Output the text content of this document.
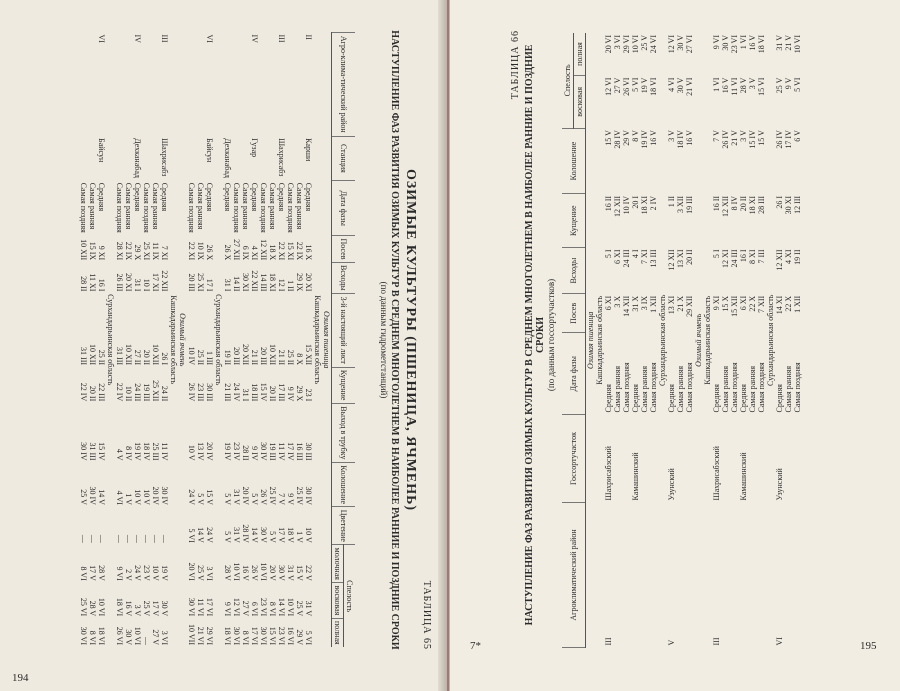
194
ТАБЛИЦА 65
ОЗИМЫЕ КУЛЬТУРЫ (ПШЕНИЦА, ЯЧМЕНЬ)
НАСТУПЛЕНИЕ ФАЗ РАЗВИТИЯ ОЗИМЫХ КУЛЬТУР В СРЕДНЕМ МНОГОЛЕТНЕМ В НАИБОЛЕЕ РАННИЕ И ПОЗДНИЕ СРОКИ
(по данным гидрометстанций)
Агро-клима-тический район	Станция	Дата фазы	Посев	Всходы	3-й настоящий лист	Кущение	Выход в трубку	Колошение	Цветение	Спелость		
										молочная	восковая	полная
Озимая пшеница												
Кашкадарьинская область												
II	Карши	Средняя	16 X	20 XI	15 XII	23 I	30 III	30 IV	10 V	22 V	31 V	5 VI
		Самая ранняя	22 IX	29 IX	8 X	29 X	16 III	25 IV	1 V	15 V	25 V	29 V
		Самая поздняя	15 XI	1 II	25 II	9 IV	17 IV	9 V	18 V	31 V	10 VI	16 VI
III	Шахрисабз	Средняя	22 XI	12 I	21 II	17 III	11 IV	7 V	17 V	30 V	14 VI	23 VI
		Самая ранняя	18 X	18 XI	10 XII	20 II	19 III	25 IV	5 V	20 V	8 VI	15 VI
		Самая поздняя	12 XII	14 III	20 III	15 IV	30 IV	26 V	30 V	10 VI	23 VI	30 VI
IV	Гузар	Средняя	4 XI	22 XII	21 II	18 III	9 IV	5 V	14 V	26 V	6 VI	17 VI
		Самая ранняя	6 IX	30 XI	20 XII	31 I	28 II	20 IV	28 IV	16 V	27 V	8 VI
		Самая поздняя	27 XII	14 II	20 III	24 IV	23 IV	31 V	31 V	10 VI	12 VI	30 VI
	Дехканабад	Средняя	26 X	31 I	19 II	21 III	19 IV	5 V	5 V	28 V	9 VI	18 VI
Сурхандарьинская область												
VI	Байсун	Средняя	26 X	17 I	1 III	30 III	20 IV	15 V	24 V	3 VI	17 VI	29 VI
		Самая ранняя	10 IX	25 XI	25 II	23 III	13 IV	5 V	14 V	25 V	11 VI	21 VI
		Самая поздняя	22 XI	20 III	10 IV	26 IV	10 V	24 V	5 VI	20 VI	30 VI	10 VII
Озимый ячмень												
Кашкадарьинская область												
III	Шахрисабз	Средняя	7 XI	22 XII	26 I	24 II	11 IV	30 IV	—	19 V	30 V	3 VI
		Самая ранняя	11 IX	17 XI	10 XII	25 XII	25 III	20 IV	—	10 V	17 V	27 V
		Самая поздняя	25 XI	10 I	20 II	19 III	18 IV	10 V	—	23 V	25 V	—
IV	Дехканабад	Средняя	29 X	31 I	27 II	24 III	19 IV	10 V	—	24 V	3 V	10 VI
		Самая ранняя	22 IX	20 XI	10 XII	10 II	8 IV	1 V	—	2 V	16 V	30 V
		Самая поздняя	28 XI	26 III	31 III	22 IV	4 V	4 VI	—	9 VI	18 VI	26 VI
Сурхандарьинская область												
VI	Байсун	Средняя	9 XI	16 I	25 II	22 III	15 IV	14 V	—	28 V	10 VI	18 VI
		Самая ранняя	15 IX	11 XI	10 XII	20 II	31 III	30 IV	—	17 V	28 V	8 VI
		Самая поздняя	10 XII	28 II	31 III	22 IV	30 IV	25 V	—	8 VI	25 VI	30 VI
195
7*
ТАБЛИЦА 66 НАСТУПЛЕНИЕ ФАЗ РАЗВИТИЯ ОЗИМЫХ КУЛЬТУР В СРЕДНЕМ МНОГОЛЕТНЕМ В НАИБОЛЕЕ РАННИЕ И ПОЗДНИЕ СРОКИ (по данным госсортучастков)
Агроклиматический район	Госсортучасток	Дата фазы	Посев	Всходы	Кущение	Колошение	Спелость	
							восковая	полная
Озимая пшеница								
Кашкадарьинская область								
III	Шахрисабзский	Средняя	6 XI	5 I	16 II	15 V	12 VI	20 VI
		Самая ранняя	3 X	6 XI	12 XII	28 IV	27 V	3 VI
		Самая поздняя	14 XII	24 III	10 IV	29 V	26 VI	29 VI
	Камашинский	Средняя	31 X	4 I	20 I	8 V	5 VI	10 VI
		Самая ранняя	3 IX	7 XI	18 XI	19 IV	19 V	25 V
		Самая поздняя	1 XII	13 III	2 IV	16 V	18 VI	24 VI
Сурхандарьинская область								
V	Узунский	Средняя	13 XI	12 XII	1 II	3 V	4 VI	12 VI
		Самая ранняя	21 X	13 XI	3 XII	18 IV	30 V	30 V
		Самая поздняя	29 XII	20 II	19 III	16 V	21 VI	27 VI
Озимый ячмень								
Кашкадарьинская область								
III	Шахрисабзский	Средняя	9 XI	5 I	16 II	7 V	1 VI	9 VI
		Самая ранняя	15 X	12 XI	12 XII	26 IV	16 V	30 V
		Самая поздняя	15 XII	24 III	8 IV	21 V	11 VI	23 VI
	Камашинский	Средняя	6 XI	16 I	20 II	3 V	28 V	1 VI
		Самая ранняя	22 X	8 XI	18 XI	15 IV	3 V	16 V
		Самая поздняя	7 XII	7 III	28 III	15 V	15 VI	18 VI
Сурхандарьинская область								
VI	Узунский	Средняя	14 XI	12 XII	26 I	26 IV	25 V	31 V
		Самая ранняя	22 X	4 XI	30 XI	17 IV	9 V	21 V
		Самая поздняя	1 XII	19 II	12 III	6 V	5 VI	10 VI
